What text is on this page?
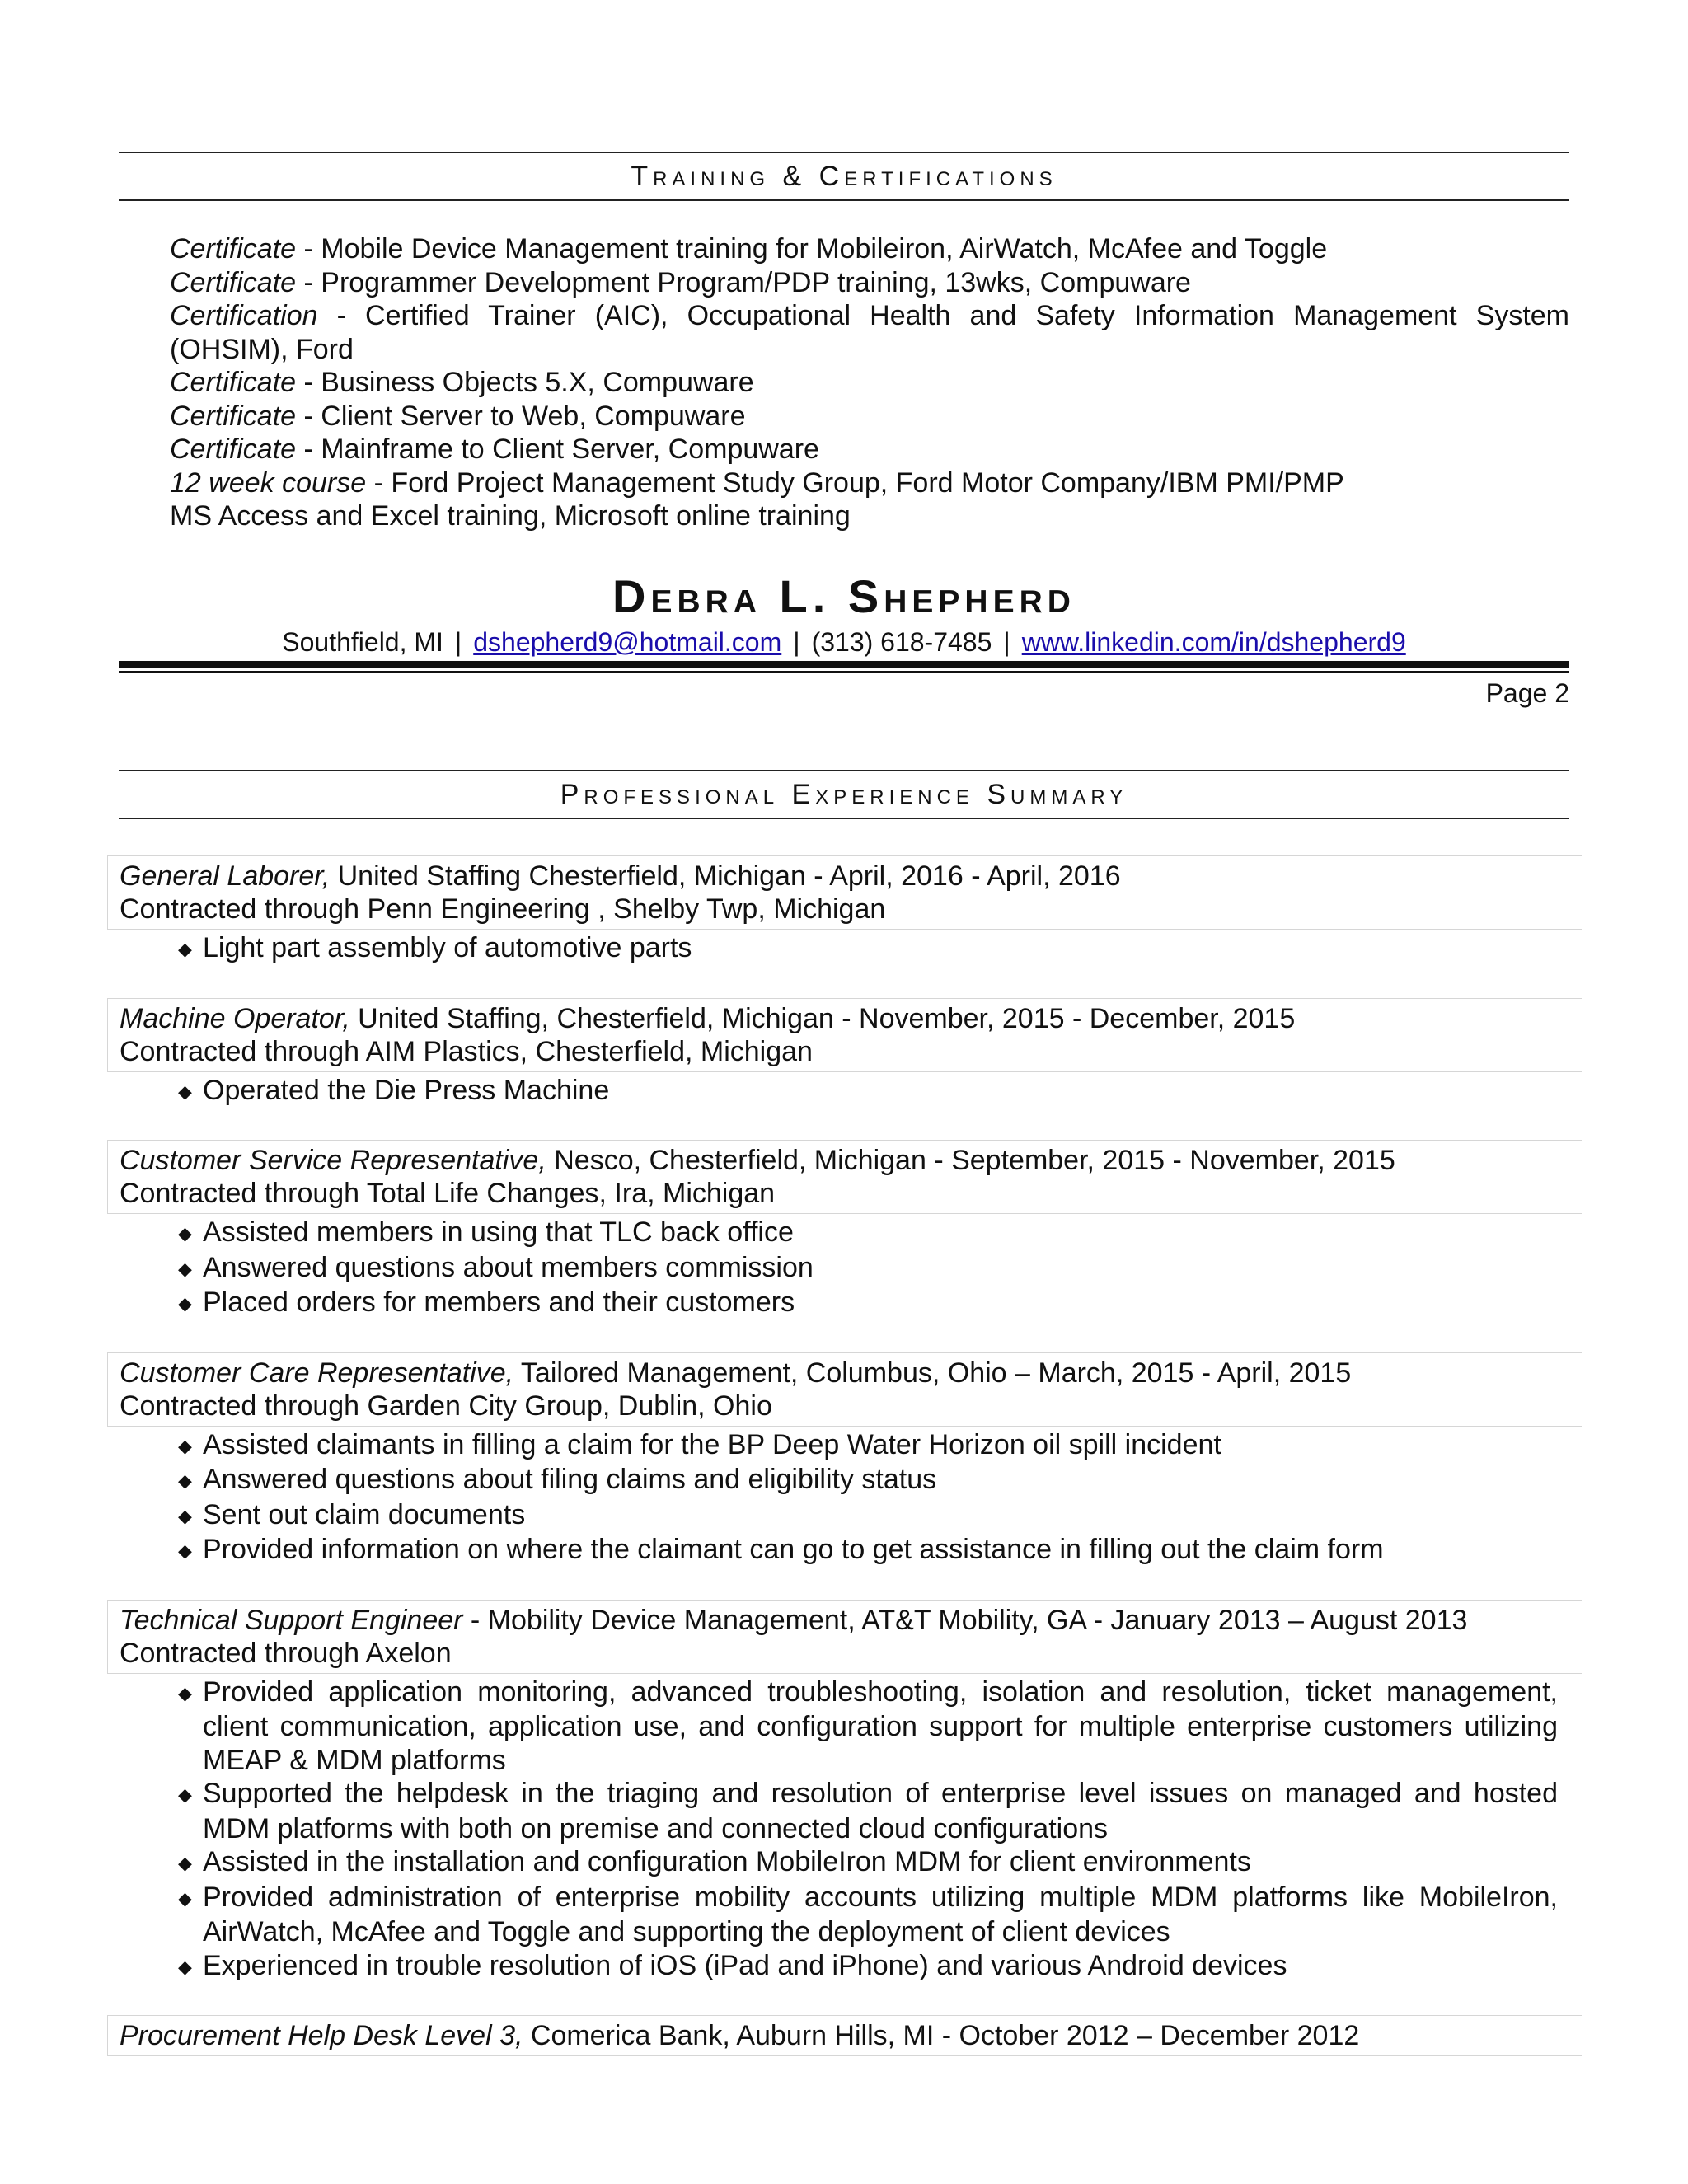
Training & Certifications

Certificate - Mobile Device Management training for Mobileiron, AirWatch, McAfee and Toggle

Certificate - Programmer Development Program/PDP training, 13wks, Compuware

Certification - Certified Trainer (AIC), Occupational Health and Safety Information Management System (OHSIM), Ford

Certificate - Business Objects 5.X, Compuware

Certificate - Client Server to Web, Compuware

Certificate - Mainframe to Client Server, Compuware

12 week course - Ford Project Management Study Group, Ford Motor Company/IBM PMI/PMP

MS Access and Excel training, Microsoft online training

Debra L. Shepherd
Southfield, MI | dshepherd9@hotmail.com | (313) 618-7485 | www.linkedin.com/in/dshepherd9
Page 2
Professional Experience Summary
General Laborer, United Staffing Chesterfield, Michigan - April, 2016 - April, 2016
Contracted through Penn Engineering , Shelby Twp, Michigan
◆ Light part assembly of automotive parts
Machine Operator, United Staffing, Chesterfield, Michigan - November, 2015 - December, 2015
Contracted through AIM Plastics, Chesterfield, Michigan
◆ Operated the Die Press Machine
Customer Service Representative, Nesco, Chesterfield, Michigan - September, 2015 - November, 2015
Contracted through Total Life Changes, Ira, Michigan
◆ Assisted members in using that TLC back office
◆ Answered questions about members commission
◆ Placed orders for members and their customers
Customer Care Representative, Tailored Management, Columbus, Ohio – March, 2015 - April, 2015
Contracted through Garden City Group, Dublin, Ohio
◆ Assisted claimants in filling a claim for the BP Deep Water Horizon oil spill incident
◆ Answered questions about filing claims and eligibility status
◆ Sent out claim documents
◆ Provided information on where the claimant can go to get assistance in filling out the claim form
Technical Support Engineer - Mobility Device Management, AT&T Mobility, GA - January 2013 – August 2013
Contracted through Axelon
◆ Provided application monitoring, advanced troubleshooting, isolation and resolution, ticket management, client communication, application use, and configuration support for multiple enterprise customers utilizing MEAP & MDM platforms
◆ Supported the helpdesk in the triaging and resolution of enterprise level issues on managed and hosted MDM platforms with both on premise and connected cloud configurations
◆ Assisted in the installation and configuration MobileIron MDM for client environments
◆ Provided administration of enterprise mobility accounts utilizing multiple MDM platforms like MobileIron, AirWatch, McAfee and Toggle and supporting the deployment of client devices
◆ Experienced in trouble resolution of iOS (iPad and iPhone) and various Android devices
Procurement Help Desk Level 3, Comerica Bank, Auburn Hills, MI - October 2012 – December 2012
